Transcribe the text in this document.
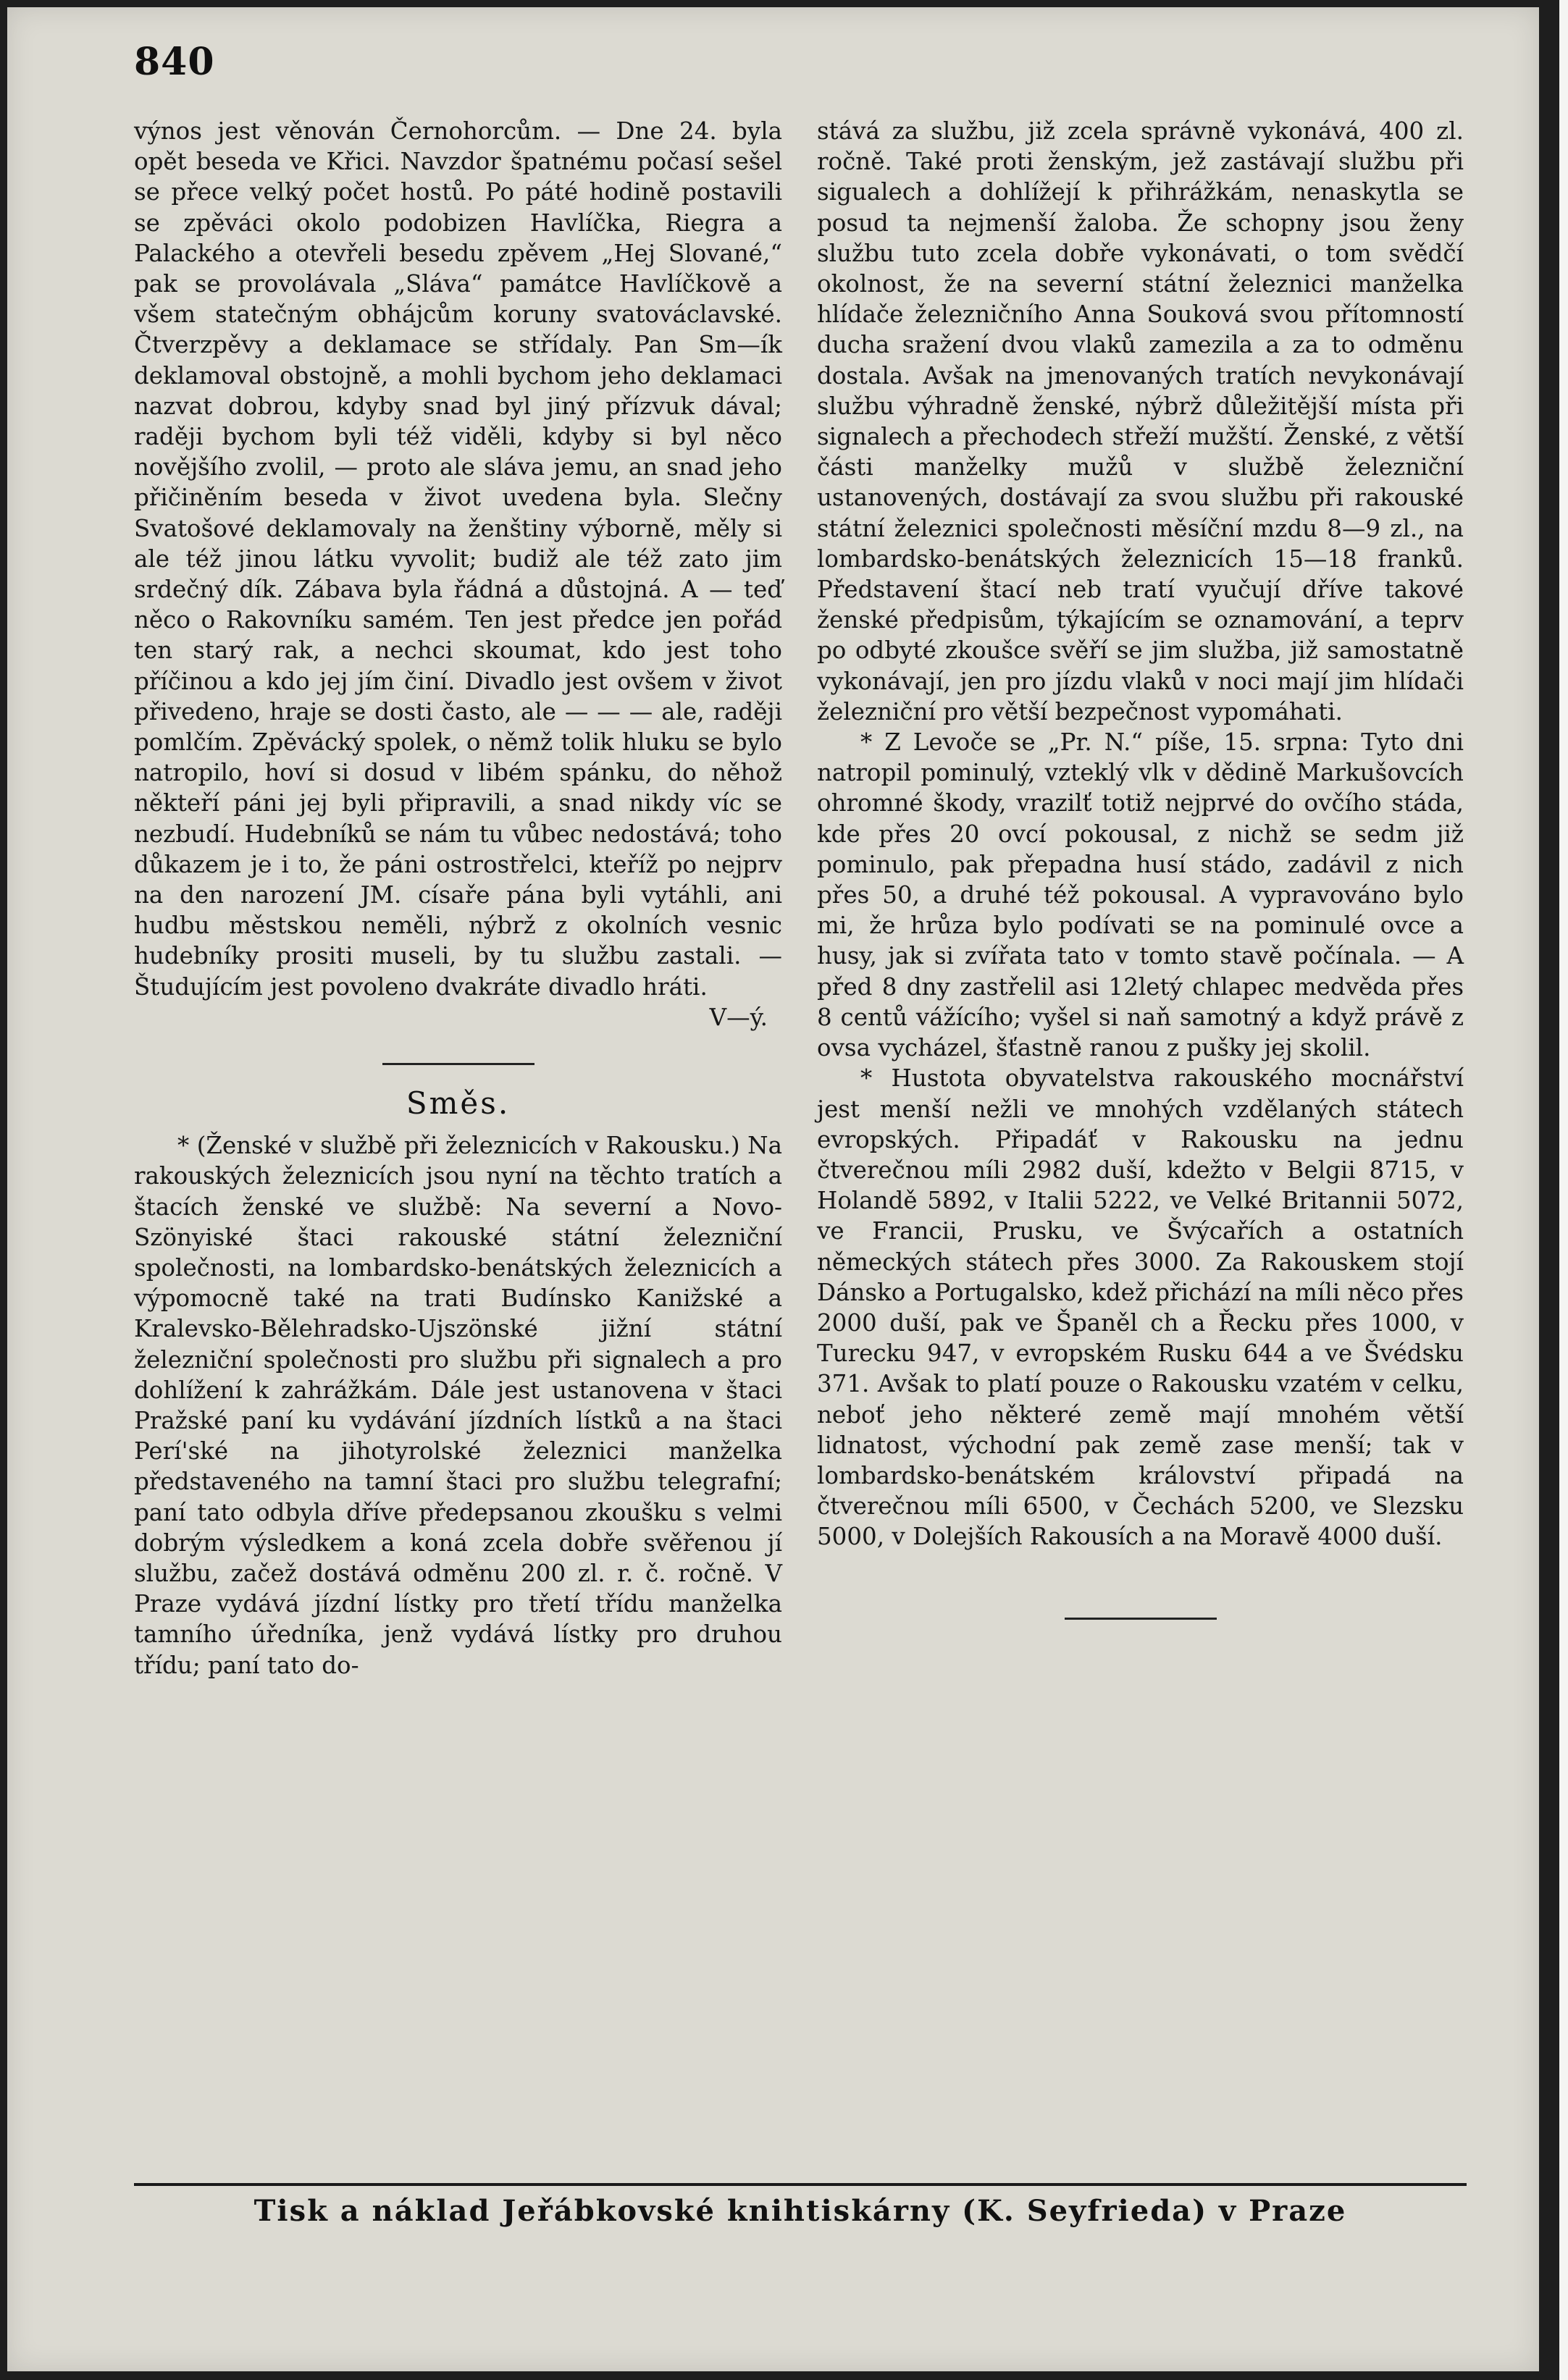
840

výnos jest věnován Černohorcům. — Dne 24. byla opět beseda ve Křici. Navzdor špatnému počasí sešel se přece velký počet hostů. Po páté hodině postavili se zpěváci okolo podobizen Havlíčka, Riegra a Palackého a otevřeli besedu zpěvem „Hej Slované,“ pak se provolávala „Sláva“ památce Havlíčkově a všem statečným obhájcům koruny svatováclavské. Čtverzpěvy a deklamace se střídaly. Pan Sm—ík deklamoval obstojně, a mohli bychom jeho deklamaci nazvat dobrou, kdyby snad byl jiný přízvuk dával; raději bychom byli též viděli, kdyby si byl něco novějšího zvolil, — proto ale sláva jemu, an snad jeho přičiněním beseda v život uvedena byla. Slečny Svatošové deklamovaly na ženštiny výborně, měly si ale též jinou látku vyvolit; budiž ale též zato jim srdečný dík. Zábava byla řádná a důstojná. A — teď něco o Rakovníku samém. Ten jest předce jen pořád ten starý rak, a nechci skoumat, kdo jest toho příčinou a kdo jej jím činí. Divadlo jest ovšem v život přivedeno, hraje se dosti často, ale — — — ale, raději pomlčím. Zpěvácký spolek, o němž tolik hluku se bylo natropilo, hoví si dosud v libém spánku, do něhož někteří páni jej byli připravili, a snad nikdy víc se nezbudí. Hudebníků se nám tu vůbec nedostává; toho důkazem je i to, že páni ostrostřelci, kteříž po nejprv na den narození JM. císaře pána byli vytáhli, ani hudbu městskou neměli, nýbrž z okolních vesnic hudebníky prositi museli, by tu službu zastali. — Študujícím jest povoleno dvakráte divadlo hráti.

V—ý.

Směs.

* (Ženské v službě při železnicích v Rakousku.) Na rakouských železnicích jsou nyní na těchto tratích a štacích ženské ve službě: Na severní a Novo-Szönyiské štaci rakouské státní železniční společnosti, na lombardsko-benátských železnicích a výpomocně také na trati Budínsko Kanižské a Kralevsko-Bělehradsko-Ujszönské jižní státní železniční společnosti pro službu při signalech a pro dohlížení k zahrážkám. Dále jest ustanovena v štaci Pražské paní ku vydávání jízdních lístků a na štaci Perí'ské na jihotyrolské železnici manželka představeného na tamní štaci pro službu telegrafní; paní tato odbyla dříve předepsanou zkoušku s velmi dobrým výsledkem a koná zcela dobře svěřenou jí službu, začež dostává odměnu 200 zl. r. č. ročně. V Praze vydává jízdní lístky pro třetí třídu manželka tamního úředníka, jenž vydává lístky pro druhou třídu; paní tato do-

stává za službu, již zcela správně vykonává, 400 zl. ročně. Také proti ženským, jež zastávají službu při sigualech a dohlížejí k přihrážkám, nenaskytla se posud ta nejmenší žaloba. Že schopny jsou ženy službu tuto zcela dobře vykonávati, o tom svědčí okolnost, že na severní státní železnici manželka hlídače železničního Anna Souková svou přítomností ducha sražení dvou vlaků zamezila a za to odměnu dostala. Avšak na jmenovaných tratích nevykonávají službu výhradně ženské, nýbrž důležitější místa při signalech a přechodech střeží mužští. Ženské, z větší části manželky mužů v službě železniční ustanovených, dostávají za svou službu při rakouské státní železnici společnosti měsíční mzdu 8—9 zl., na lombardsko-benátských železnicích 15—18 franků. Představení štací neb tratí vyučují dříve takové ženské předpisům, týkajícím se oznamování, a teprv po odbyté zkoušce svěří se jim služba, již samostatně vykonávají, jen pro jízdu vlaků v noci mají jim hlídači železniční pro větší bezpečnost vypomáhati.

* Z Levoče se „Pr. N.“ píše, 15. srpna: Tyto dni natropil pominulý, vzteklý vlk v dědině Markušovcích ohromné škody, vrazilť totiž nejprvé do ovčího stáda, kde přes 20 ovcí pokousal, z nichž se sedm již pominulo, pak přepadna husí stádo, zadávil z nich přes 50, a druhé též pokousal. A vypravováno bylo mi, že hrůza bylo podívati se na pominulé ovce a husy, jak si zvířata tato v tomto stavě počínala. — A před 8 dny zastřelil asi 12letý chlapec medvěda přes 8 centů vážícího; vyšel si naň samotný a když právě z ovsa vycházel, šťastně ranou z pušky jej skolil.

* Hustota obyvatelstva rakouského mocnářství jest menší nežli ve mnohých vzdělaných státech evropských. Připadáť v Rakousku na jednu čtverečnou míli 2982 duší, kdežto v Belgii 8715, v Holandě 5892, v Italii 5222, ve Velké Britannii 5072, ve Francii, Prusku, ve Švýcařích a ostatních německých státech přes 3000. Za Rakouskem stojí Dánsko a Portugalsko, kdež přichází na míli něco přes 2000 duší, pak ve Španěl ch a Řecku přes 1000, v Turecku 947, v evropském Rusku 644 a ve Švédsku 371. Avšak to platí pouze o Rakousku vzatém v celku, neboť jeho některé země mají mnohém větší lidnatost, východní pak země zase menší; tak v lombardsko-benátském království připadá na čtverečnou míli 6500, v Čechách 5200, ve Slezsku 5000, v Dolejších Rakousích a na Moravě 4000 duší.

Tisk a náklad Jeřábkovské knihtiskárny (K. Seyfrieda) v Praze
